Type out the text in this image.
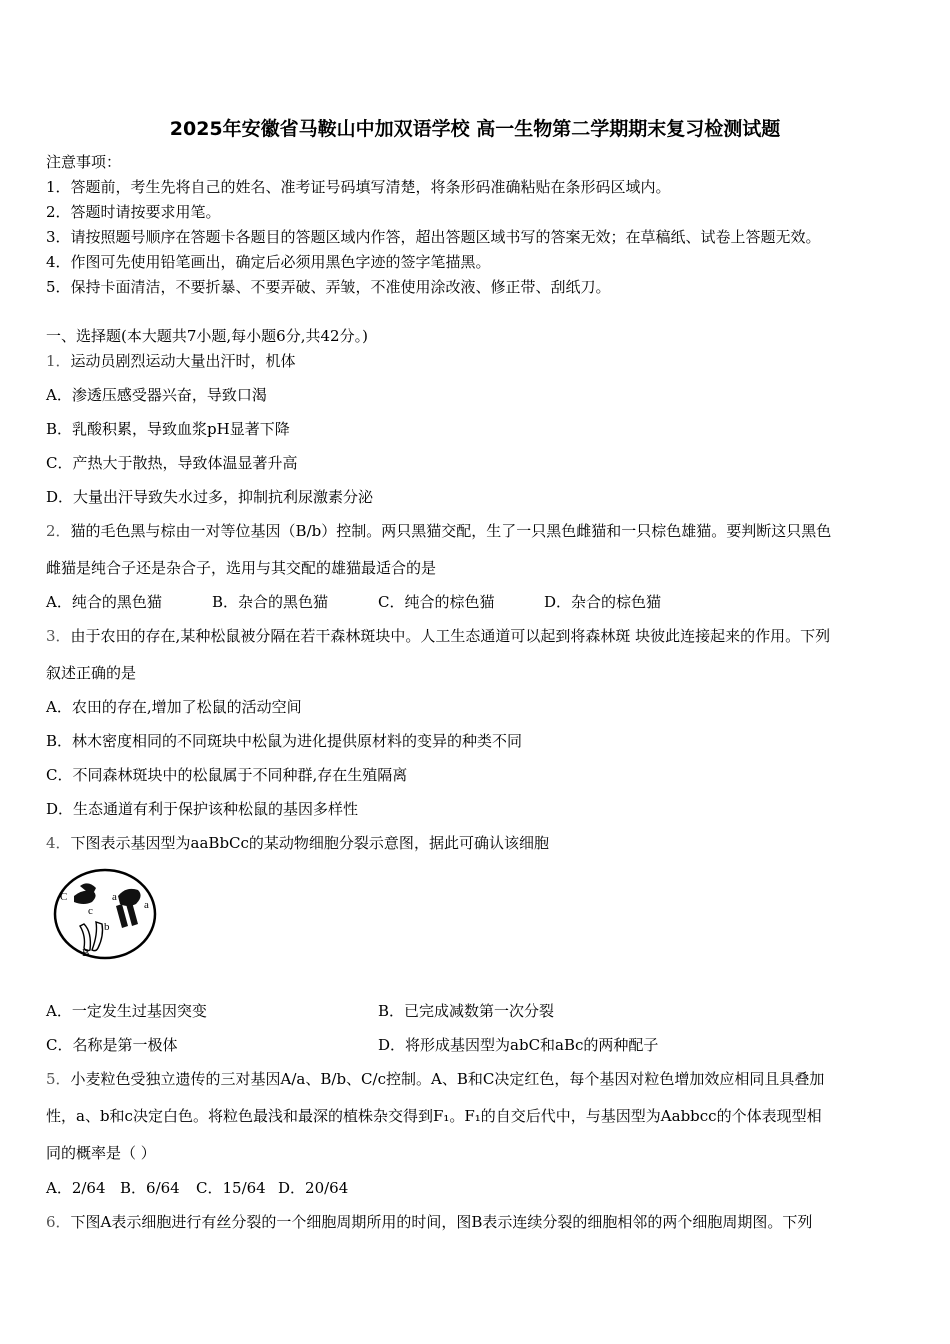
2025年安徽省马鞍山中加双语学校 高一生物第二学期期末复习检测试题
注意事项：
1．答题前，考生先将自己的姓名、准考证号码填写清楚，将条形码准确粘贴在条形码区域内。
2．答题时请按要求用笔。
3．请按照题号顺序在答题卡各题目的答题区域内作答，超出答题区域书写的答案无效；在草稿纸、试卷上答题无效。
4．作图可先使用铅笔画出，确定后必须用黑色字迹的签字笔描黑。
5．保持卡面清洁，不要折暴、不要弄破、弄皱，不准使用涂改液、修正带、刮纸刀。
一、选择题(本大题共7小题,每小题6分,共42分。)
1．运动员剧烈运动大量出汗时，机体
A．渗透压感受器兴奋，导致口渴
B．乳酸积累，导致血浆pH显著下降
C．产热大于散热，导致体温显著升高
D．大量出汗导致失水过多，抑制抗利尿激素分泌
2．猫的毛色黑与棕由一对等位基因（B/b）控制。两只黑猫交配，生了一只黑色雌猫和一只棕色雄猫。要判断这只黑色
雌猫是纯合子还是杂合子，选用与其交配的雄猫最适合的是
A．纯合的黑色猫	B．杂合的黑色猫	C．纯合的棕色猫	D．杂合的棕色猫
3．由于农田的存在,某种松鼠被分隔在若干森林斑块中。人工生态通道可以起到将森林斑 块彼此连接起来的作用。下列
叙述正确的是
A．农田的存在,增加了松鼠的活动空间
B．林木密度相同的不同斑块中松鼠为进化提供原材料的变异的种类不同
C．不同森林斑块中的松鼠属于不同种群,存在生殖隔离
D．生态通道有利于保护该种松鼠的基因多样性
4．下图表示基因型为aaBbCc的某动物细胞分裂示意图，据此可确认该细胞
C
c
a
a
b
B
A．一定发生过基因突变	B．已完成减数第一次分裂
C．名称是第一极体	D．将形成基因型为abC和aBc的两种配子
5．小麦粒色受独立遗传的三对基因A/a、B/b、C/c控制。A、B和C决定红色，每个基因对粒色增加效应相同且具叠加
性，a、b和c决定白色。将粒色最浅和最深的植株杂交得到F₁。F₁的自交后代中，与基因型为Aabbcc的个体表现型相
同的概率是（ ）
A．2/64 B．6/64 C．15/64 D．20/64
6．下图A表示细胞进行有丝分裂的一个细胞周期所用的时间，图B表示连续分裂的细胞相邻的两个细胞周期图。下列
